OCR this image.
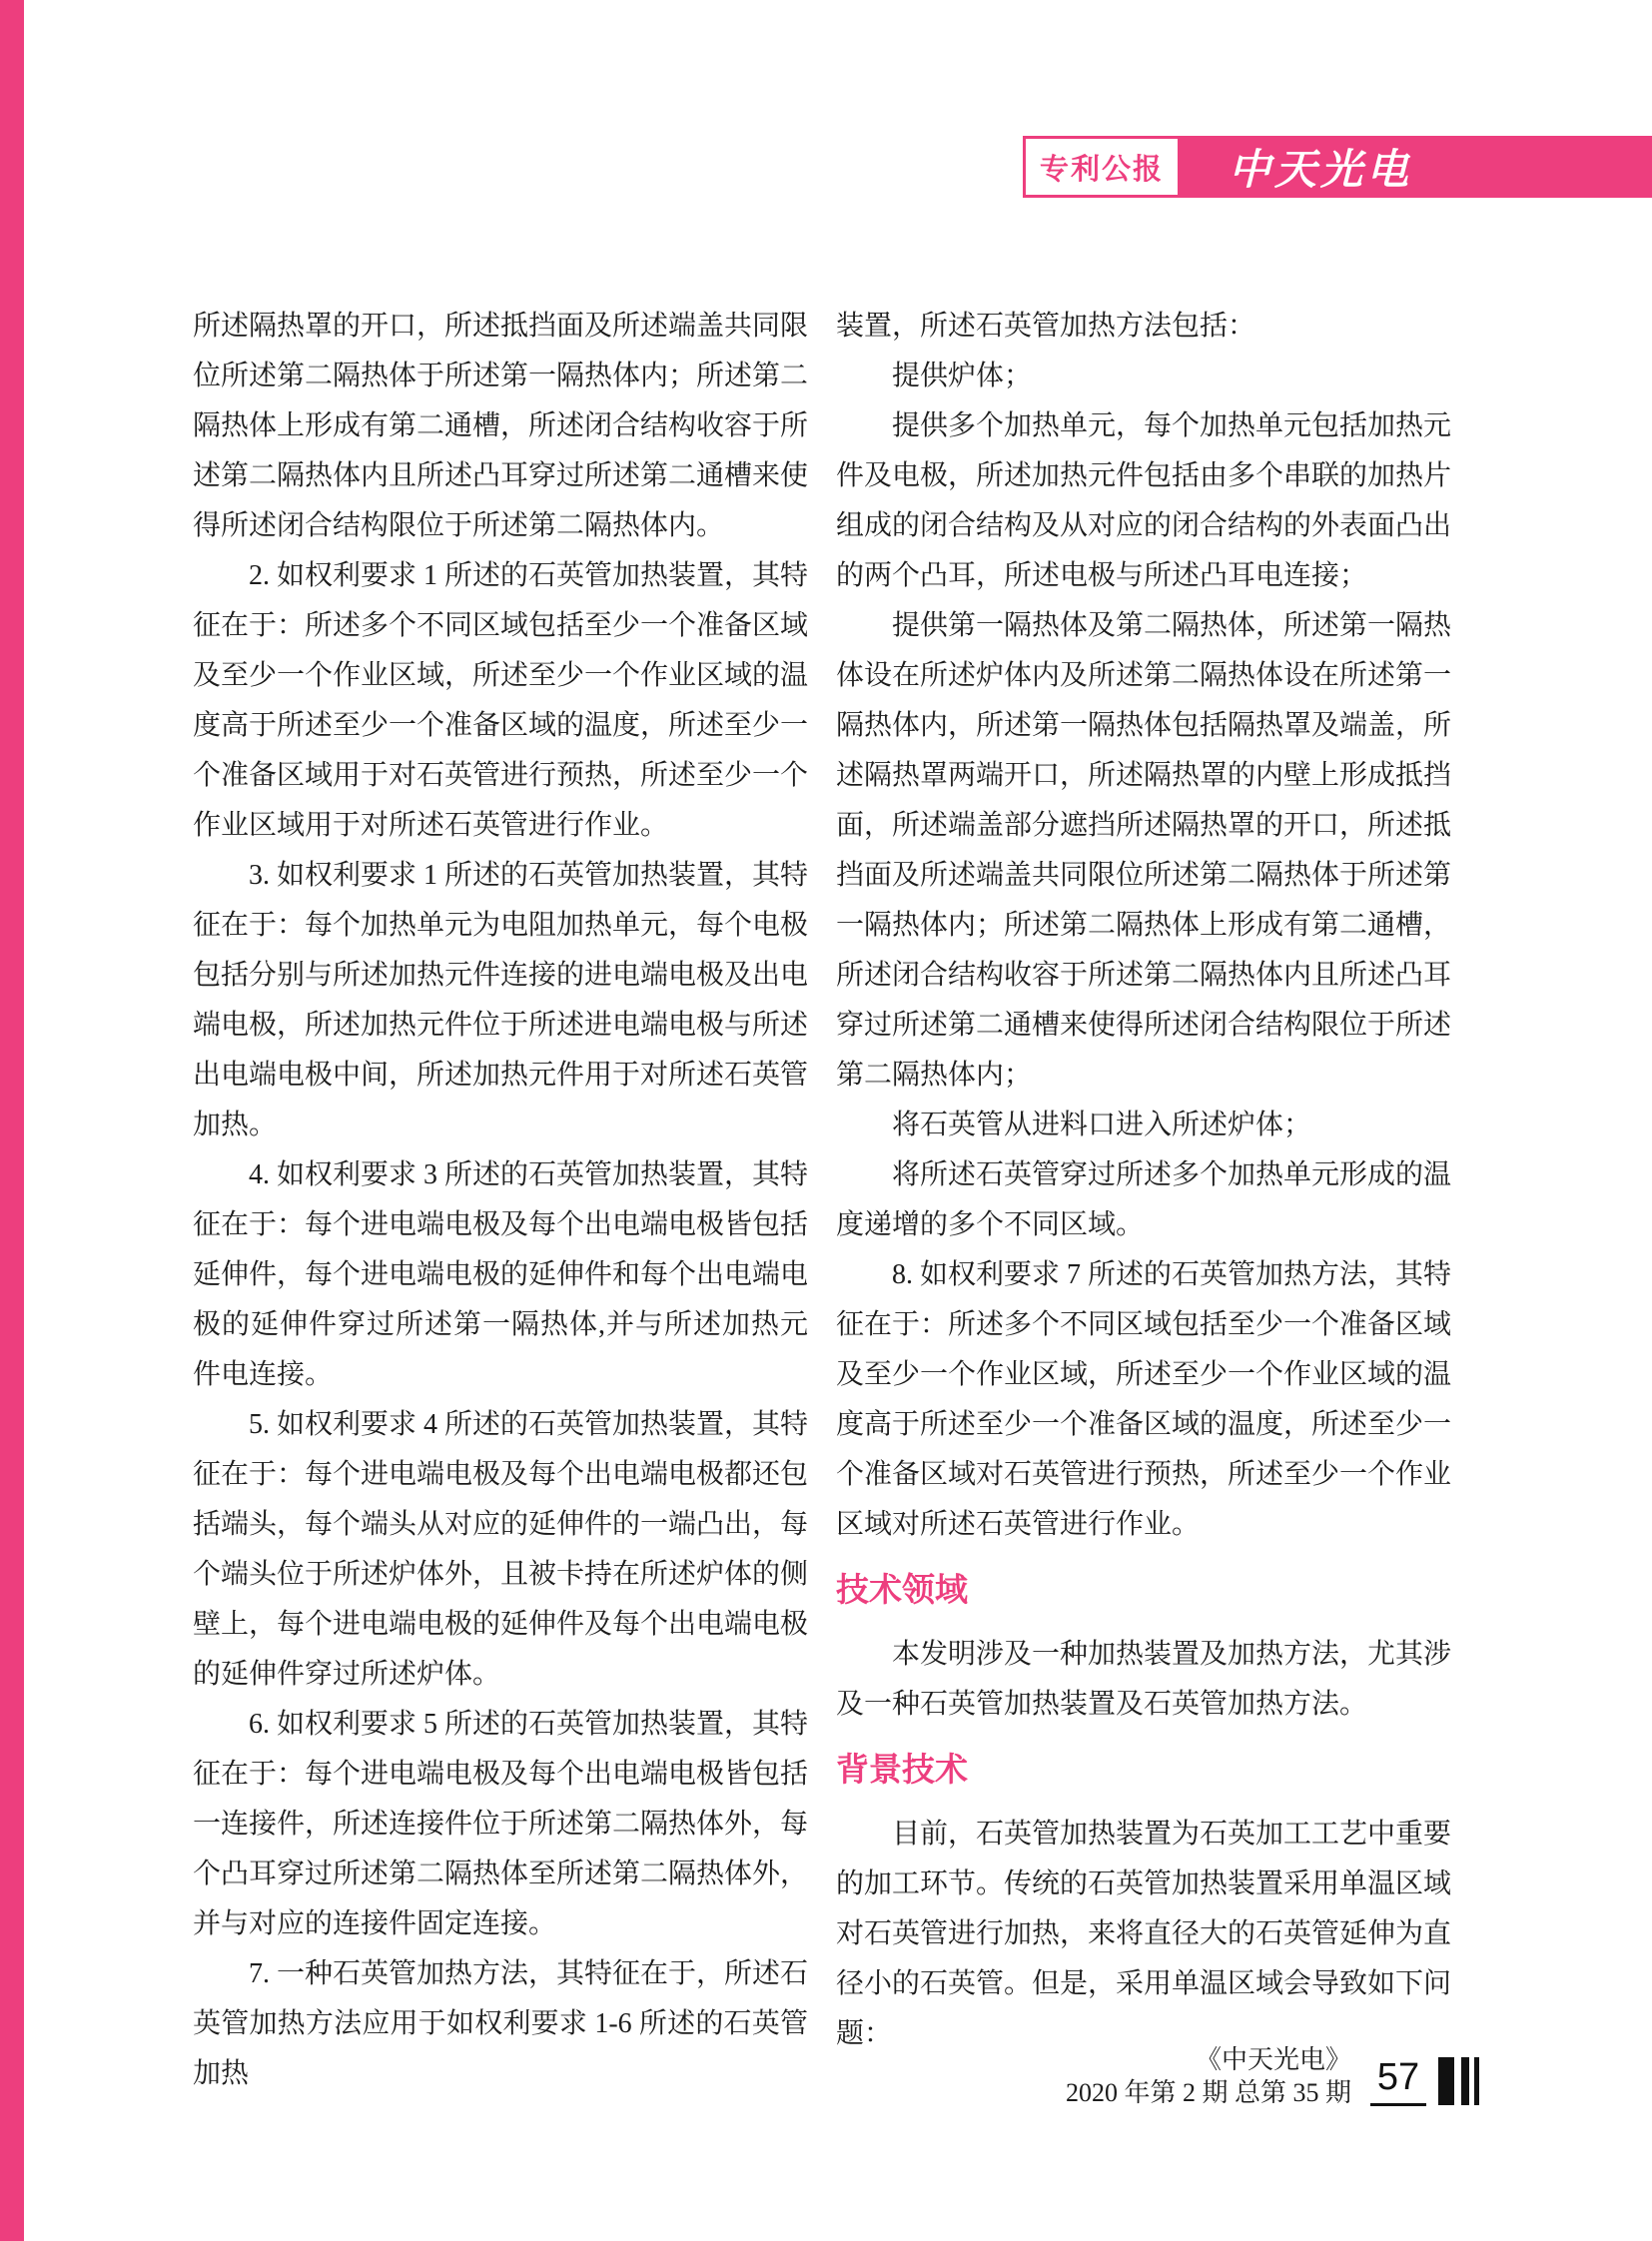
专利公报 中天光电

所述隔热罩的开口，所述抵挡面及所述端盖共同限位所述第二隔热体于所述第一隔热体内；所述第二隔热体上形成有第二通槽，所述闭合结构收容于所述第二隔热体内且所述凸耳穿过所述第二通槽来使得所述闭合结构限位于所述第二隔热体内。

2. 如权利要求 1 所述的石英管加热装置，其特征在于：所述多个不同区域包括至少一个准备区域及至少一个作业区域，所述至少一个作业区域的温度高于所述至少一个准备区域的温度，所述至少一个准备区域用于对石英管进行预热，所述至少一个作业区域用于对所述石英管进行作业。

3. 如权利要求 1 所述的石英管加热装置，其特征在于：每个加热单元为电阻加热单元，每个电极包括分别与所述加热元件连接的进电端电极及出电端电极，所述加热元件位于所述进电端电极与所述出电端电极中间，所述加热元件用于对所述石英管加热。

4. 如权利要求 3 所述的石英管加热装置，其特征在于：每个进电端电极及每个出电端电极皆包括延伸件，每个进电端电极的延伸件和每个出电端电极的延伸件穿过所述第一隔热体,并与所述加热元件电连接。

5. 如权利要求 4 所述的石英管加热装置，其特征在于：每个进电端电极及每个出电端电极都还包括端头，每个端头从对应的延伸件的一端凸出，每个端头位于所述炉体外，且被卡持在所述炉体的侧壁上，每个进电端电极的延伸件及每个出电端电极的延伸件穿过所述炉体。

6. 如权利要求 5 所述的石英管加热装置，其特征在于：每个进电端电极及每个出电端电极皆包括一连接件，所述连接件位于所述第二隔热体外，每个凸耳穿过所述第二隔热体至所述第二隔热体外，并与对应的连接件固定连接。

7. 一种石英管加热方法，其特征在于，所述石英管加热方法应用于如权利要求 1-6 所述的石英管加热

装置，所述石英管加热方法包括：

提供炉体；

提供多个加热单元，每个加热单元包括加热元件及电极，所述加热元件包括由多个串联的加热片组成的闭合结构及从对应的闭合结构的外表面凸出的两个凸耳，所述电极与所述凸耳电连接；

提供第一隔热体及第二隔热体，所述第一隔热体设在所述炉体内及所述第二隔热体设在所述第一隔热体内，所述第一隔热体包括隔热罩及端盖，所述隔热罩两端开口，所述隔热罩的内壁上形成抵挡面，所述端盖部分遮挡所述隔热罩的开口，所述抵挡面及所述端盖共同限位所述第二隔热体于所述第一隔热体内；所述第二隔热体上形成有第二通槽，所述闭合结构收容于所述第二隔热体内且所述凸耳穿过所述第二通槽来使得所述闭合结构限位于所述第二隔热体内；

将石英管从进料口进入所述炉体；

将所述石英管穿过所述多个加热单元形成的温度递增的多个不同区域。

8. 如权利要求 7 所述的石英管加热方法，其特征在于：所述多个不同区域包括至少一个准备区域及至少一个作业区域，所述至少一个作业区域的温度高于所述至少一个准备区域的温度，所述至少一个准备区域对石英管进行预热，所述至少一个作业区域对所述石英管进行作业。

技术领域

本发明涉及一种加热装置及加热方法，尤其涉及一种石英管加热装置及石英管加热方法。

背景技术

目前，石英管加热装置为石英加工工艺中重要的加工环节。传统的石英管加热装置采用单温区域对石英管进行加热，来将直径大的石英管延伸为直径小的石英管。但是，采用单温区域会导致如下问题：

《中天光电》
2020 年第 2 期 总第 35 期 57
